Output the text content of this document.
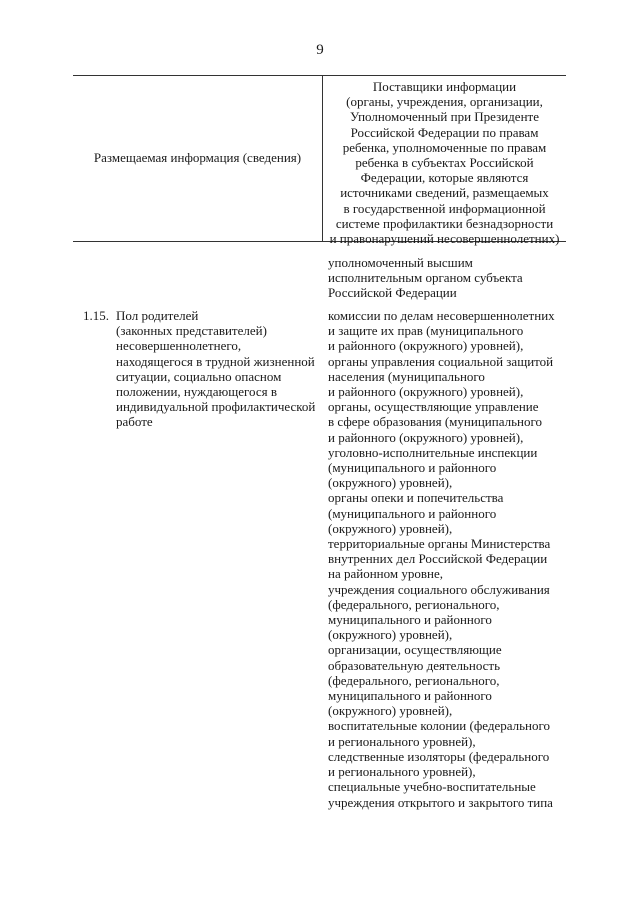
9
Размещаемая информация (сведения)
Поставщики информации
(органы, учреждения, организации,
Уполномоченный при Президенте
Российской Федерации по правам
ребенка, уполномоченные по правам
ребенка в субъектах Российской
Федерации, которые являются
источниками сведений, размещаемых
в государственной информационной
системе профилактики безнадзорности
и правонарушений несовершеннолетних)
уполномоченный высшим
исполнительным органом субъекта
Российской Федерации
1.15. Пол родителей
(законных представителей)
несовершеннолетнего,
находящегося в трудной жизненной
ситуации, социально опасном
положении, нуждающегося в
индивидуальной профилактической
работе
комиссии по делам несовершеннолетних
и защите их прав (муниципального
и районного (окружного) уровней),
органы управления социальной защитой
населения (муниципального
и районного (окружного) уровней),
органы, осуществляющие управление
в сфере образования (муниципального
и районного (окружного) уровней),
уголовно-исполнительные инспекции
(муниципального и районного
(окружного) уровней),
органы опеки и попечительства
(муниципального и районного
(окружного) уровней),
территориальные органы Министерства
внутренних дел Российской Федерации
на районном уровне,
учреждения социального обслуживания
(федерального, регионального,
муниципального и районного
(окружного) уровней),
организации, осуществляющие
образовательную деятельность
(федерального, регионального,
муниципального и районного
(окружного) уровней),
воспитательные колонии (федерального
и регионального уровней),
следственные изоляторы (федерального
и регионального уровней),
специальные учебно-воспитательные
учреждения открытого и закрытого типа
